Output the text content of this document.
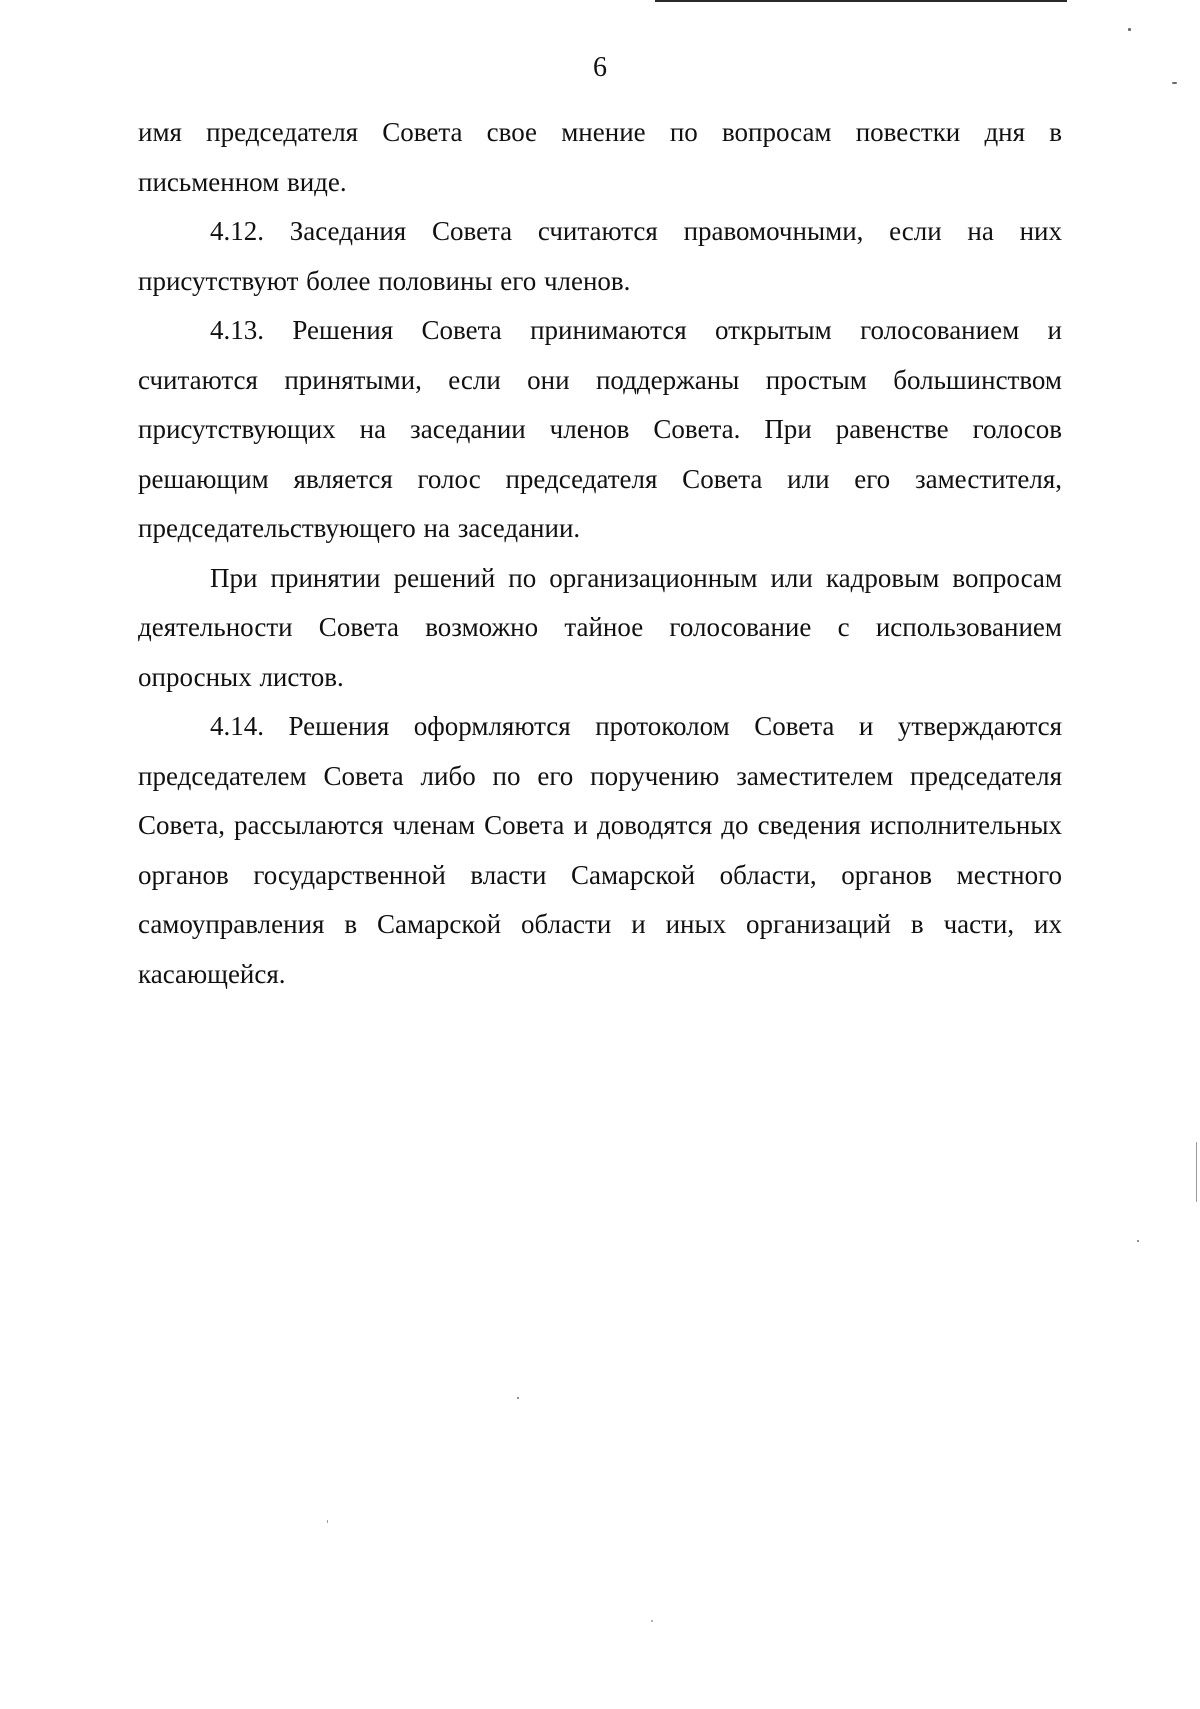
6

имя председателя Совета свое мнение по вопросам повестки дня в письменном виде.

4.12. Заседания Совета считаются правомочными, если на них присутствуют более половины его членов.

4.13. Решения Совета принимаются открытым голосованием и считаются принятыми, если они поддержаны простым большинством присутствующих на заседании членов Совета. При равенстве голосов решающим является голос председателя Совета или его заместителя, председательствующего на заседании.

При принятии решений по организационным или кадровым вопросам деятельности Совета возможно тайное голосование с использованием опросных листов.

4.14. Решения оформляются протоколом Совета и утверждаются председателем Совета либо по его поручению заместителем председателя Совета, рассылаются членам Совета и доводятся до сведения исполнительных органов государственной власти Самарской области, органов местного самоуправления в Самарской области и иных организаций в части, их касающейся.
